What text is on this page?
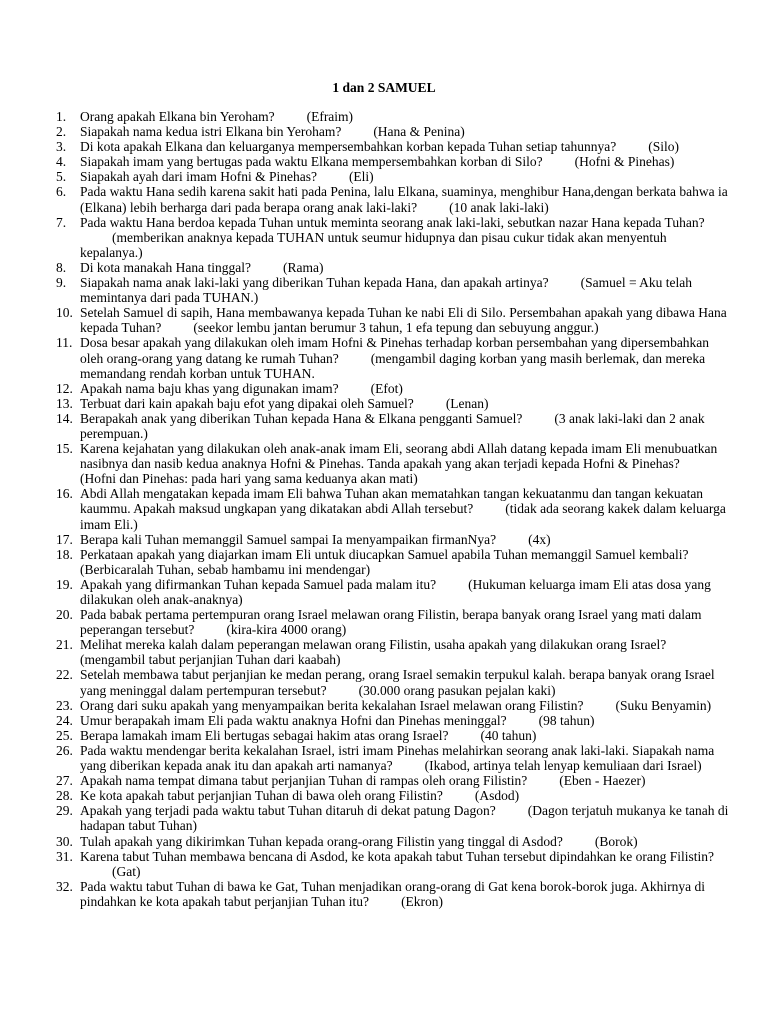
1 dan 2 SAMUEL
1. Orang apakah Elkana bin Yeroham? (Efraim)
2. Siapakah nama kedua istri Elkana bin Yeroham? (Hana & Penina)
3. Di kota apakah Elkana dan keluarganya mempersembahkan korban kepada Tuhan setiap tahunnya? (Silo)
4. Siapakah imam yang bertugas pada waktu Elkana mempersembahkan korban di Silo? (Hofni & Pinehas)
5. Siapakah ayah dari imam Hofni & Pinehas? (Eli)
6. Pada waktu Hana sedih karena sakit hati pada Penina, lalu Elkana, suaminya, menghibur Hana,dengan berkata bahwa ia (Elkana) lebih berharga dari pada berapa orang anak laki-laki? (10 anak laki-laki)
7. Pada waktu Hana berdoa kepada Tuhan untuk meminta seorang anak laki-laki, sebutkan nazar Hana kepada Tuhan?(memberikan anaknya kepada TUHAN untuk seumur hidupnya dan pisau cukur tidak akan menyentuh kepalanya.)
8. Di kota manakah Hana tinggal? (Rama)
9. Siapakah nama anak laki-laki yang diberikan Tuhan kepada Hana, dan apakah artinya? (Samuel = Aku telah memintanya dari pada TUHAN.)
10. Setelah Samuel di sapih, Hana membawanya kepada Tuhan ke nabi Eli di Silo. Persembahan apakah yang dibawa Hana kepada Tuhan? (seekor lembu jantan berumur 3 tahun, 1 efa tepung dan sebuyung anggur.)
11. Dosa besar apakah yang dilakukan oleh imam Hofni & Pinehas terhadap korban persembahan yang dipersembahkan oleh orang-orang yang datang ke rumah Tuhan? (mengambil daging korban yang masih berlemak, dan mereka memandang rendah korban untuk TUHAN.
12. Apakah nama baju khas yang digunakan imam? (Efot)
13. Terbuat dari kain apakah baju efot yang dipakai oleh Samuel? (Lenan)
14. Berapakah anak yang diberikan Tuhan kepada Hana & Elkana pengganti Samuel? (3 anak laki-laki dan 2 anak perempuan.)
15. Karena kejahatan yang dilakukan oleh anak-anak imam Eli, seorang abdi Allah datang kepada imam Eli menubuatkan nasibnya dan nasib kedua anaknya Hofni & Pinehas. Tanda apakah yang akan terjadi kepada Hofni & Pinehas?(Hofni dan Pinehas: pada hari yang sama keduanya akan mati)
16. Abdi Allah mengatakan kepada imam Eli bahwa Tuhan akan mematahkan tangan kekuatanmu dan tangan kekuatan kaummu. Apakah maksud ungkapan yang dikatakan abdi Allah tersebut? (tidak ada seorang kakek dalam keluarga imam Eli.)
17. Berapa kali Tuhan memanggil Samuel sampai Ia menyampaikan firmanNya? (4x)
18. Perkataan apakah yang diajarkan imam Eli untuk diucapkan Samuel apabila Tuhan memanggil Samuel kembali?(Berbicaralah Tuhan, sebab hambamu ini mendengar)
19. Apakah yang difirmankan Tuhan kepada Samuel pada malam itu? (Hukuman keluarga imam Eli atas dosa yang dilakukan oleh anak-anaknya)
20. Pada babak pertama pertempuran orang Israel melawan orang Filistin, berapa banyak orang Israel yang mati dalam peperangan tersebut? (kira-kira 4000 orang)
21. Melihat mereka kalah dalam peperangan melawan orang Filistin, usaha apakah yang dilakukan orang Israel?(mengambil tabut perjanjian Tuhan dari kaabah)
22. Setelah membawa tabut perjanjian ke medan perang, orang Israel semakin terpukul kalah. berapa banyak orang Israel yang meninggal dalam pertempuran tersebut? (30.000 orang pasukan pejalan kaki)
23. Orang dari suku apakah yang menyampaikan berita kekalahan Israel melawan orang Filistin? (Suku Benyamin)
24. Umur berapakah imam Eli pada waktu anaknya Hofni dan Pinehas meninggal? (98 tahun)
25. Berapa lamakah imam Eli bertugas sebagai hakim atas orang Israel? (40 tahun)
26. Pada waktu mendengar berita kekalahan Israel, istri imam Pinehas melahirkan seorang anak laki-laki. Siapakah nama yang diberikan kepada anak itu dan apakah arti namanya? (Ikabod, artinya telah lenyap kemuliaan dari Israel)
27. Apakah nama tempat dimana tabut perjanjian Tuhan di rampas oleh orang Filistin? (Eben - Haezer)
28. Ke kota apakah tabut perjanjian Tuhan di bawa oleh orang Filistin? (Asdod)
29. Apakah yang terjadi pada waktu tabut Tuhan ditaruh di dekat patung Dagon? (Dagon terjatuh mukanya ke tanah di hadapan tabut Tuhan)
30. Tulah apakah yang dikirimkan Tuhan kepada orang-orang Filistin yang tinggal di Asdod? (Borok)
31. Karena tabut Tuhan membawa bencana di Asdod, ke kota apakah tabut Tuhan tersebut dipindahkan ke orang Filistin?(Gat)
32. Pada waktu tabut Tuhan di bawa ke Gat, Tuhan menjadikan orang-orang di Gat kena borok-borok juga. Akhirnya di pindahkan ke kota apakah tabut perjanjian Tuhan itu? (Ekron)
